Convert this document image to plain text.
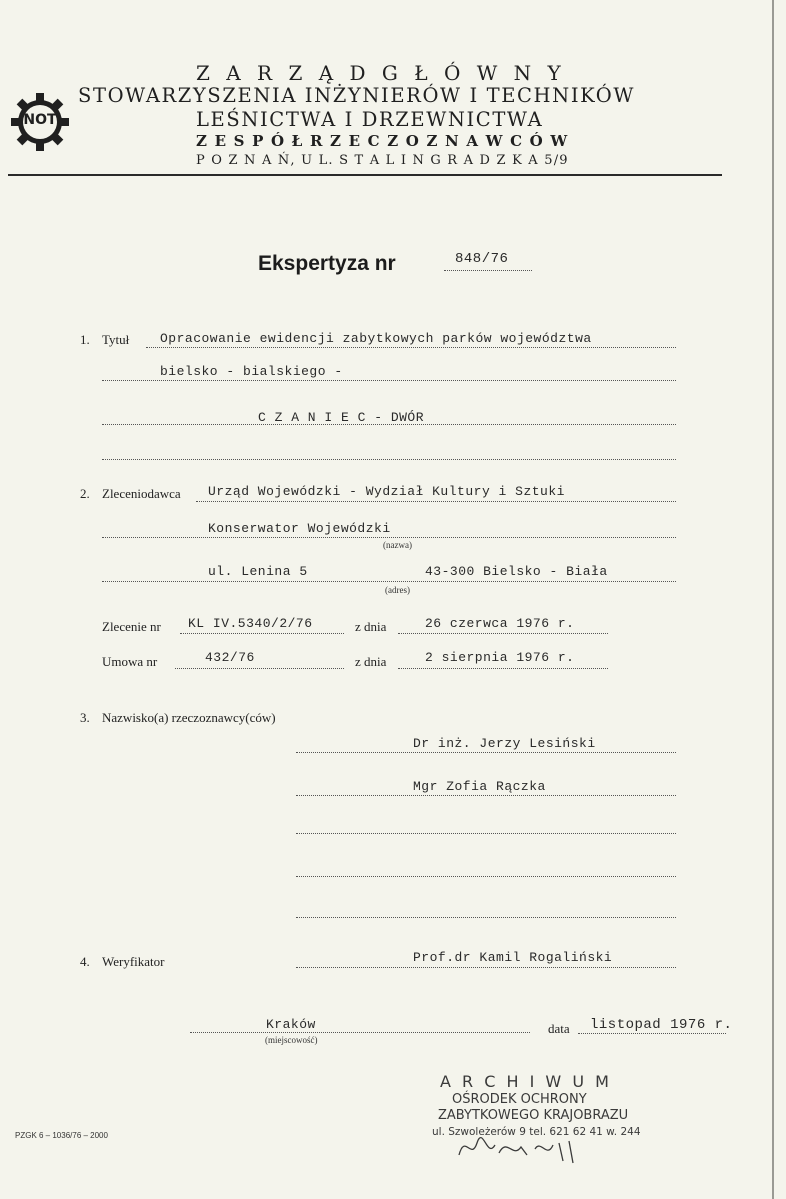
NOT
Z A R Z Ą D G Ł Ó W N Y
STOWARZYSZENIA INŻYNIERÓW I TECHNIKÓW
LEŚNICTWA I DRZEWNICTWA
Z E S P Ó Ł R Z E C Z O Z N A W C Ó W
P O Z N A Ń, U L. S T A L I N G R A D Z K A 5/9
Ekspertyza nr	848/76
1. Tytuł Opracowanie ewidencji zabytkowych parków województwa
bielsko - bialskiego -
C Z A N I E C - DWÓR
2. Zleceniodawca Urząd Wojewódzki - Wydział Kultury i Sztuki
Konserwator Wojewódzki
(nazwa)
ul. Lenina 5	43-300 Bielsko - Biała
(adres)
Zlecenie nr KL IV.5340/2/76	z dnia	26 czerwca 1976 r.
Umowa nr	432/76	z dnia	2 sierpnia 1976 r.
3. Nazwisko(a) rzeczoznawcy(ców)
Dr inż. Jerzy Lesiński
Mgr Zofia Rączka
4. Weryfikator	Prof.dr Kamil Rogaliński
Kraków
(miejscowość)
data listopad 1976 r.
A R C H I W U M
OŚRODEK OCHRONY
ZABYTKOWEGO KRAJOBRAZU
ul. Szwoleżerów 9 tel. 621 62 41 w. 244
PZGK 6 – 1036/76 – 2000
